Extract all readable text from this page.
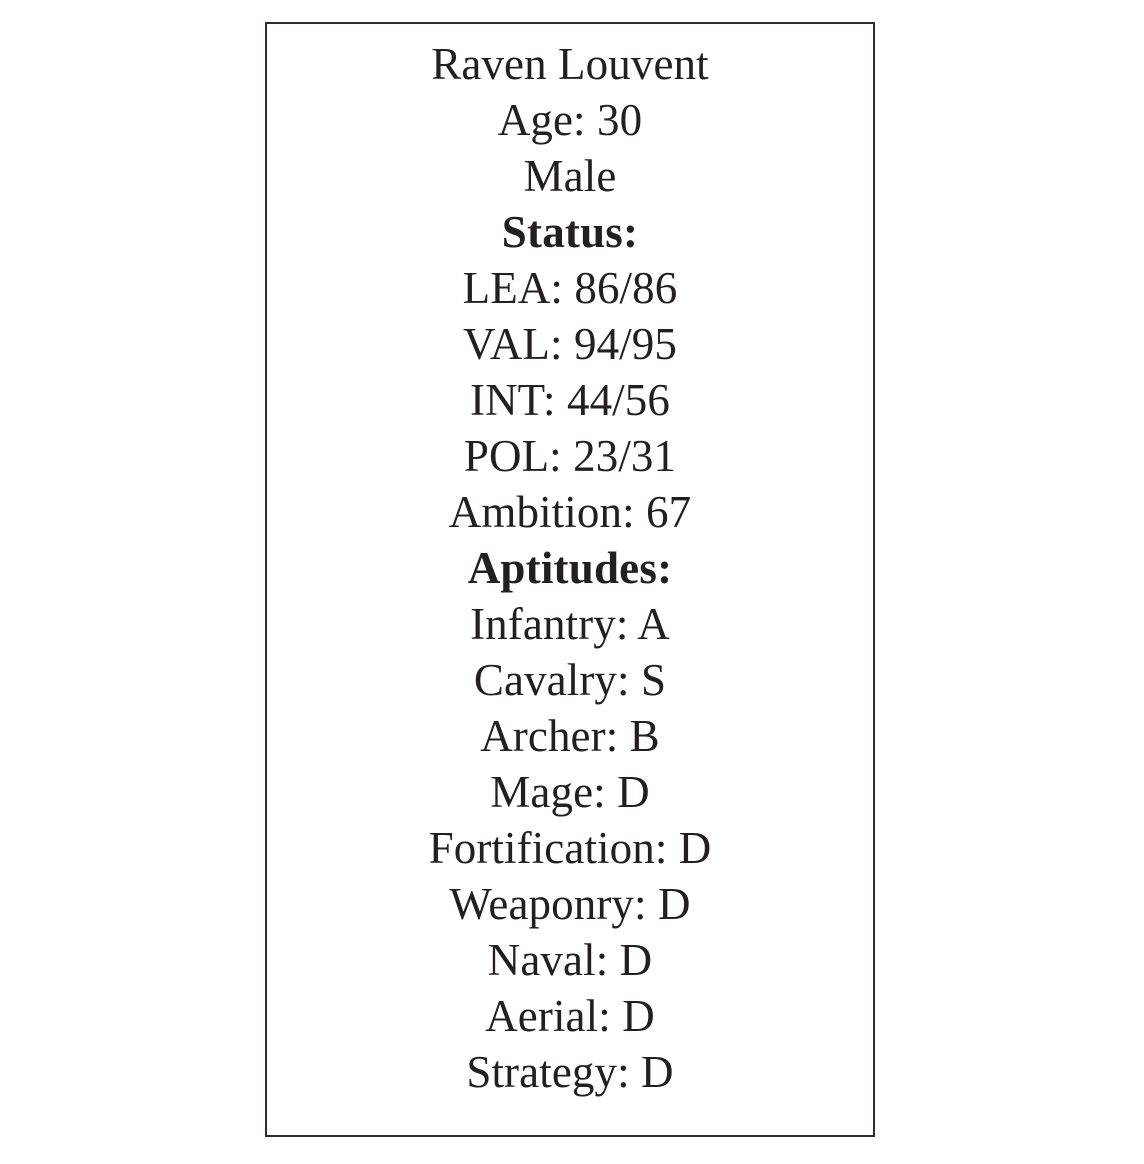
Raven Louvent
Age: 30
Male
Status:
LEA: 86/86
VAL: 94/95
INT: 44/56
POL: 23/31
Ambition: 67
Aptitudes:
Infantry: A
Cavalry: S
Archer: B
Mage: D
Fortification: D
Weaponry: D
Naval: D
Aerial: D
Strategy: D
